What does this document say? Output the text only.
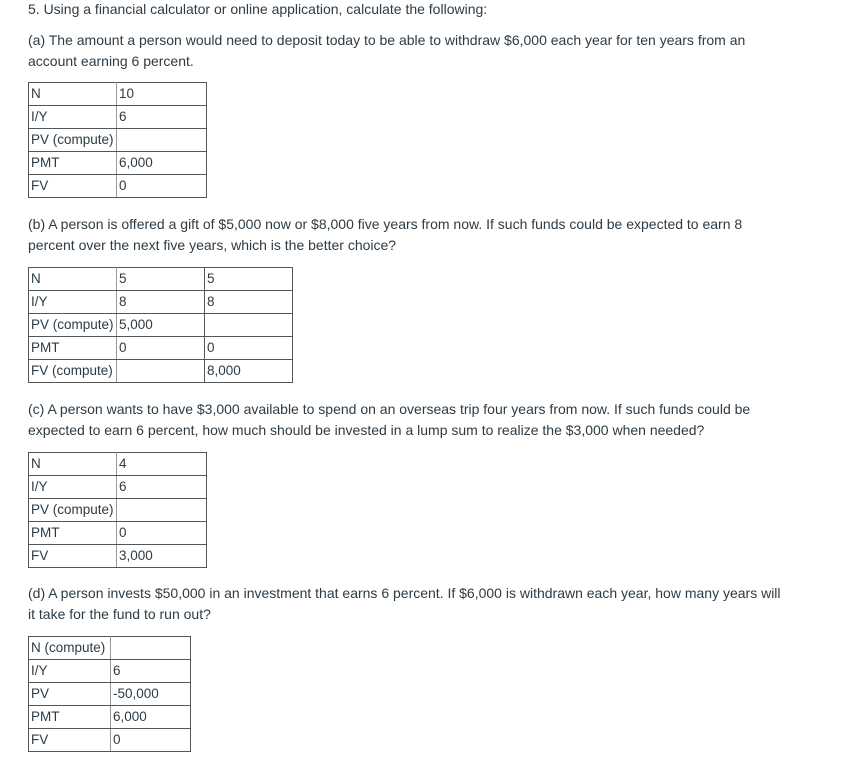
5. Using a financial calculator or online application, calculate the following:
(a) The amount a person would need to deposit today to be able to withdraw $6,000 each year for ten years from an account earning 6 percent.
N	10
I/Y	6
PV (compute)	
PMT	6,000
FV	0
(b) A person is offered a gift of $5,000 now or $8,000 five years from now. If such funds could be expected to earn 8 percent over the next five years, which is the better choice?
N	5	5
I/Y	8	8
PV (compute)	5,000	
PMT	0	0
FV (compute)		8,000
(c) A person wants to have $3,000 available to spend on an overseas trip four years from now. If such funds could be expected to earn 6 percent, how much should be invested in a lump sum to realize the $3,000 when needed?
N	4
I/Y	6
PV (compute)	
PMT	0
FV	3,000
(d) A person invests $50,000 in an investment that earns 6 percent. If $6,000 is withdrawn each year, how many years will it take for the fund to run out?
N (compute)	
I/Y	6
PV	-50,000
PMT	6,000
FV	0
